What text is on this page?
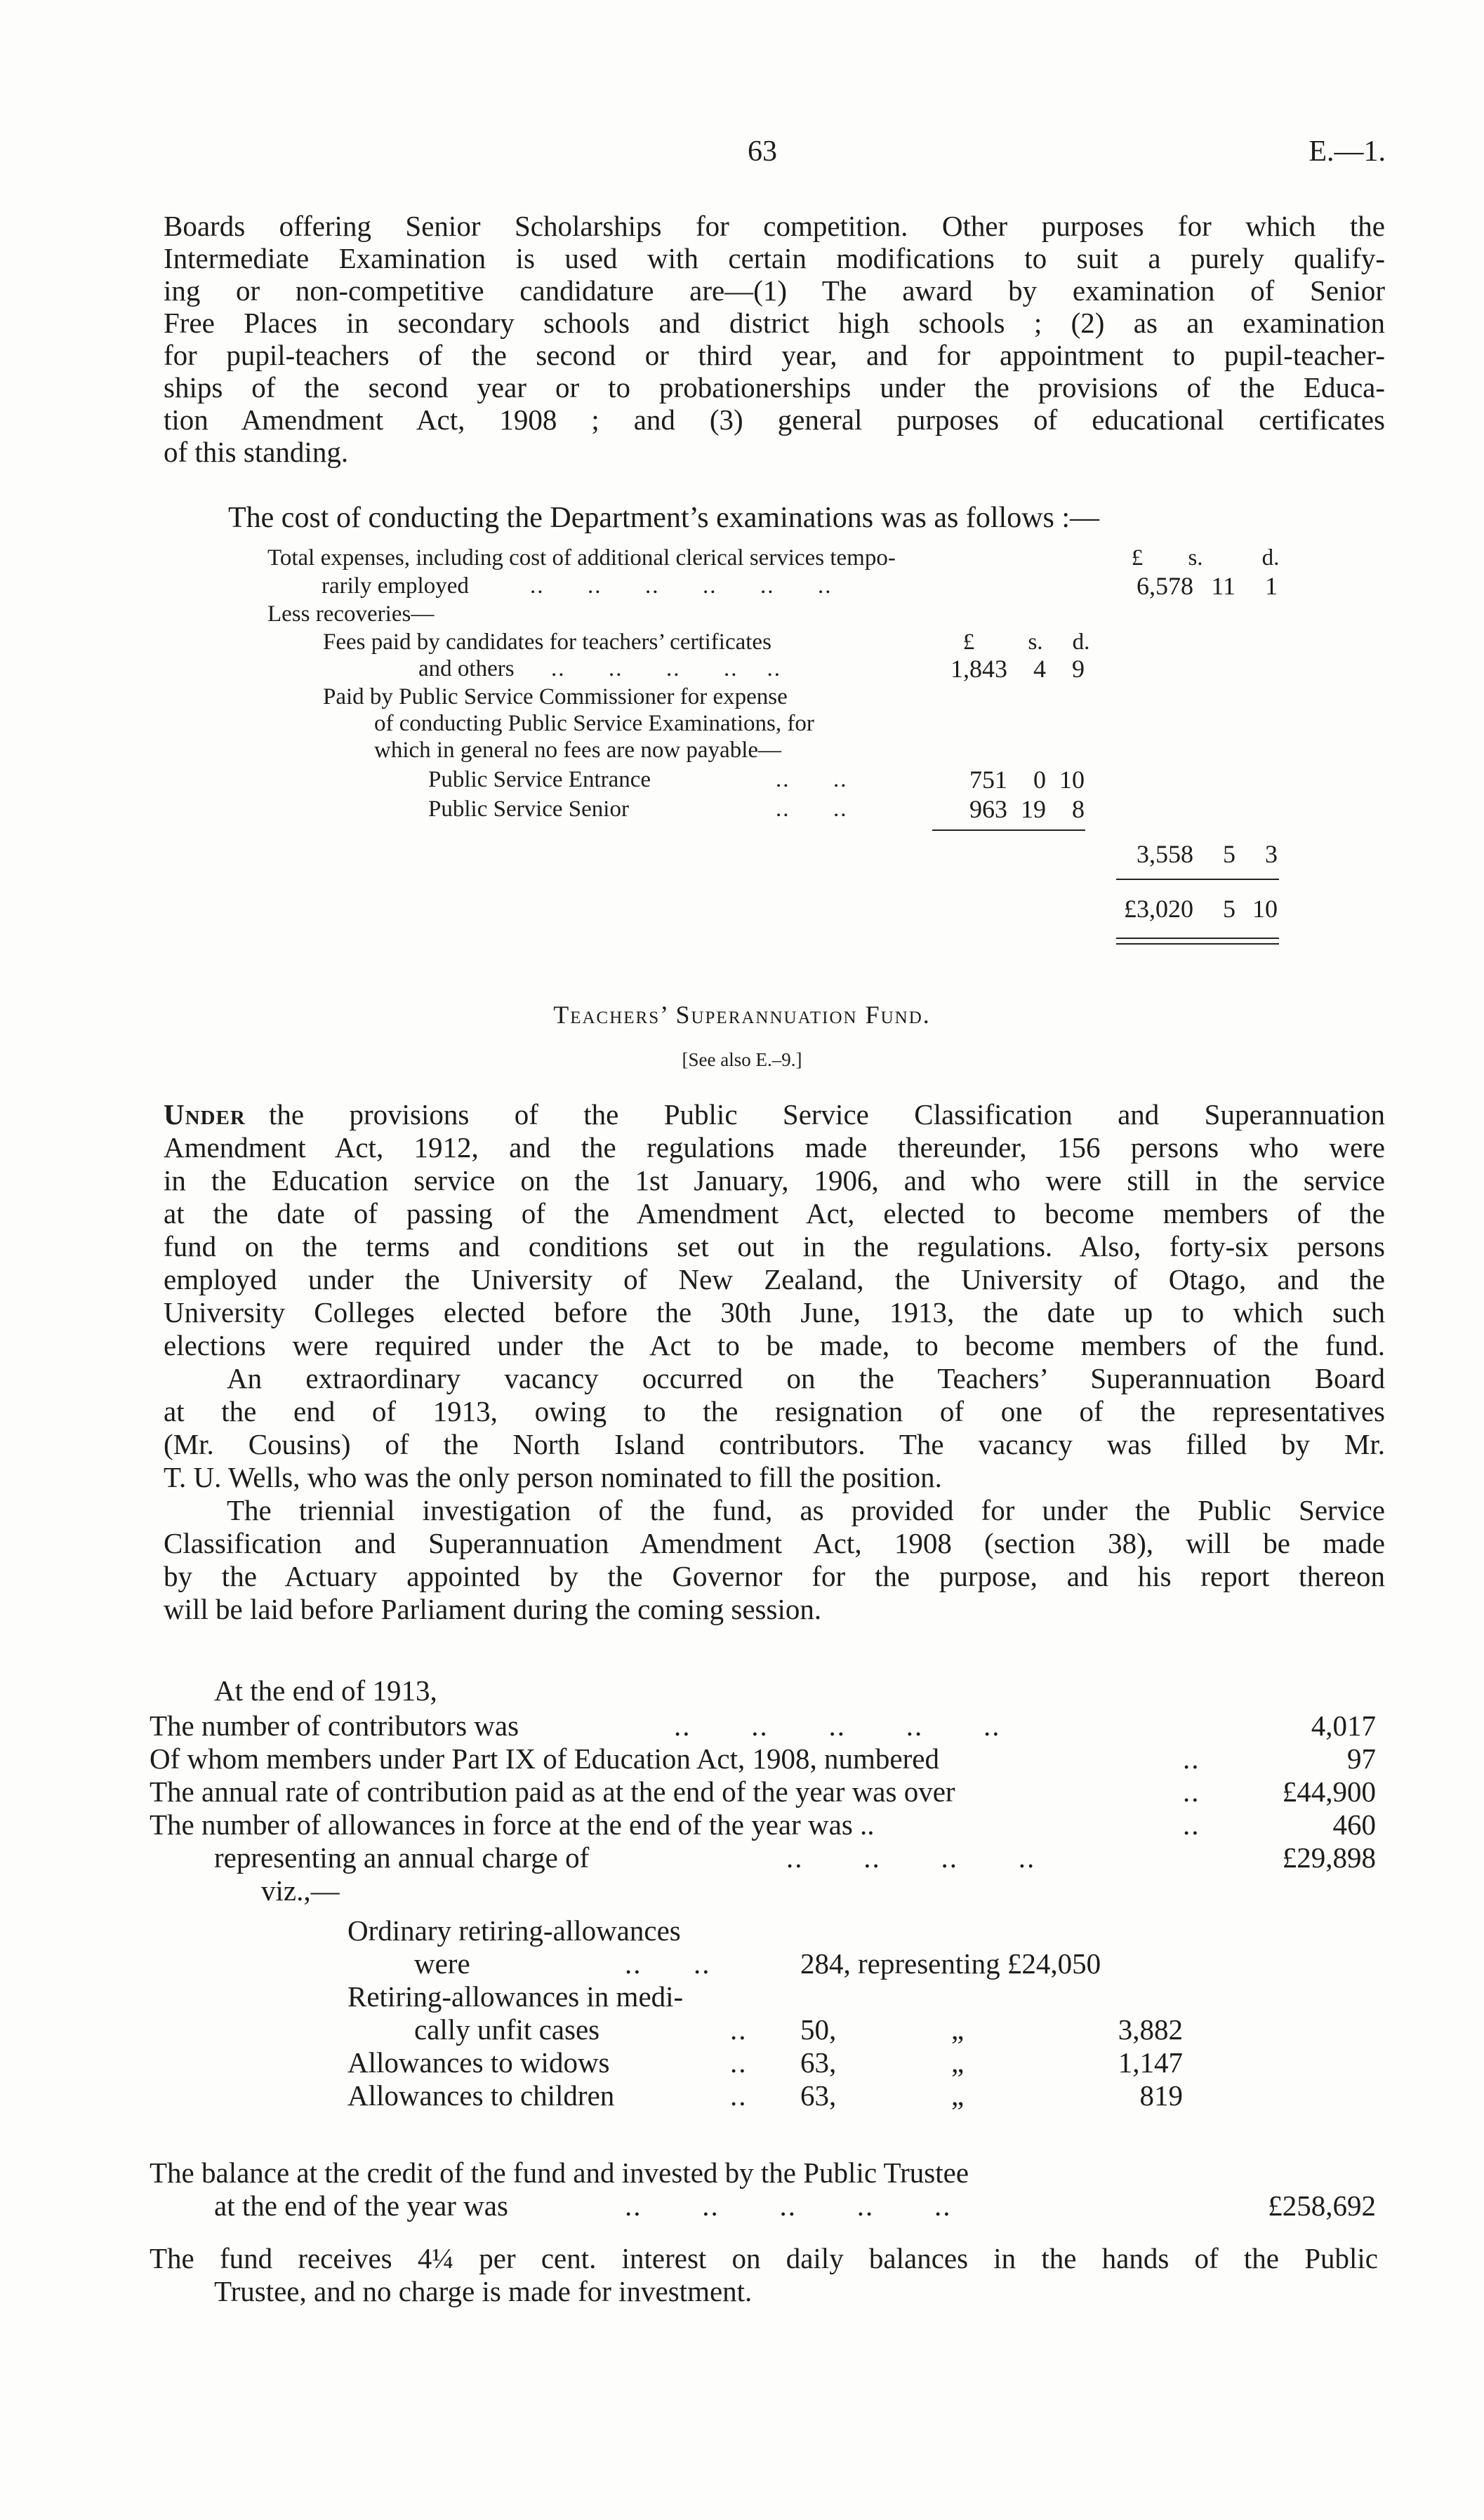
63	E.—1.
Boards offering Senior Scholarships for competition. Other purposes for which the
Intermediate Examination is used with certain modifications to suit a purely qualify-
ing or non-competitive candidature are—(1) The award by examination of Senior
Free Places in secondary schools and district high schools ; (2) as an examination
for pupil-teachers of the second or third year, and for appointment to pupil-teacher-
ships of the second year or to probationerships under the provisions of the Educa-
tion Amendment Act, 1908 ; and (3) general purposes of educational certificates
of this standing.
The cost of conducting the Department’s examinations was as follows :—
Total expenses, including cost of additional clerical services tempo-	£	s.	d.
rarily employed	..      ..      ..      ..      ..      ..	6,578 11	1
Less recoveries—
Fees paid by candidates for teachers’ certificates	£	s. d.
and others ..      ..      ..      ..    ..	1,843	4	9
Paid by Public Service Commissioner for expense
of conducting Public Service Examinations, for
which in general no fees are now payable—
Public Service Entrance	..      ..	751	0 10
Public Service Senior	..      ..	963 19	8
3,558	5	3
£3,020	5 10
Teachers’ Superannuation Fund.
[See also E.–9.]
Under the provisions of the Public Service Classification and Superannuation
Amendment Act, 1912, and the regulations made thereunder, 156 persons who were
in the Education service on the 1st January, 1906, and who were still in the service
at the date of passing of the Amendment Act, elected to become members of the
fund on the terms and conditions set out in the regulations. Also, forty-six persons
employed under the University of New Zealand, the University of Otago, and the
University Colleges elected before the 30th June, 1913, the date up to which such
elections were required under the Act to be made, to become members of the fund.
An extraordinary vacancy occurred on the Teachers’ Superannuation Board
at the end of 1913, owing to the resignation of one of the representatives
(Mr. Cousins) of the North Island contributors. The vacancy was filled by Mr.
T. U. Wells, who was the only person nominated to fill the position.
The triennial investigation of the fund, as provided for under the Public Service
Classification and Superannuation Amendment Act, 1908 (section 38), will be made
by the Actuary appointed by the Governor for the purpose, and his report thereon
will be laid before Parliament during the coming session.
At the end of 1913,
The number of contributors was	..       ..       ..       ..       ..	4,017
Of whom members under Part IX of Education Act, 1908, numbered	..	97
The annual rate of contribution paid as at the end of the year was over	..	£44,900
The number of allowances in force at the end of the year was ..	..	460
representing an annual charge of	..       ..       ..       ..	£29,898
viz.,—
Ordinary retiring-allowances
were	..      ..	284, representing £24,050
Retiring-allowances in medi-
cally unfit cases	.. 50,	„	3,882
Allowances to widows	.. 63,	„	1,147
Allowances to children	.. 63,	„	819
The balance at the credit of the fund and invested by the Public Trustee
at the end of the year was	..       ..       ..       ..       ..	£258,692
The fund receives 4¼ per cent. interest on daily balances in the hands of the Public
Trustee, and no charge is made for investment.
